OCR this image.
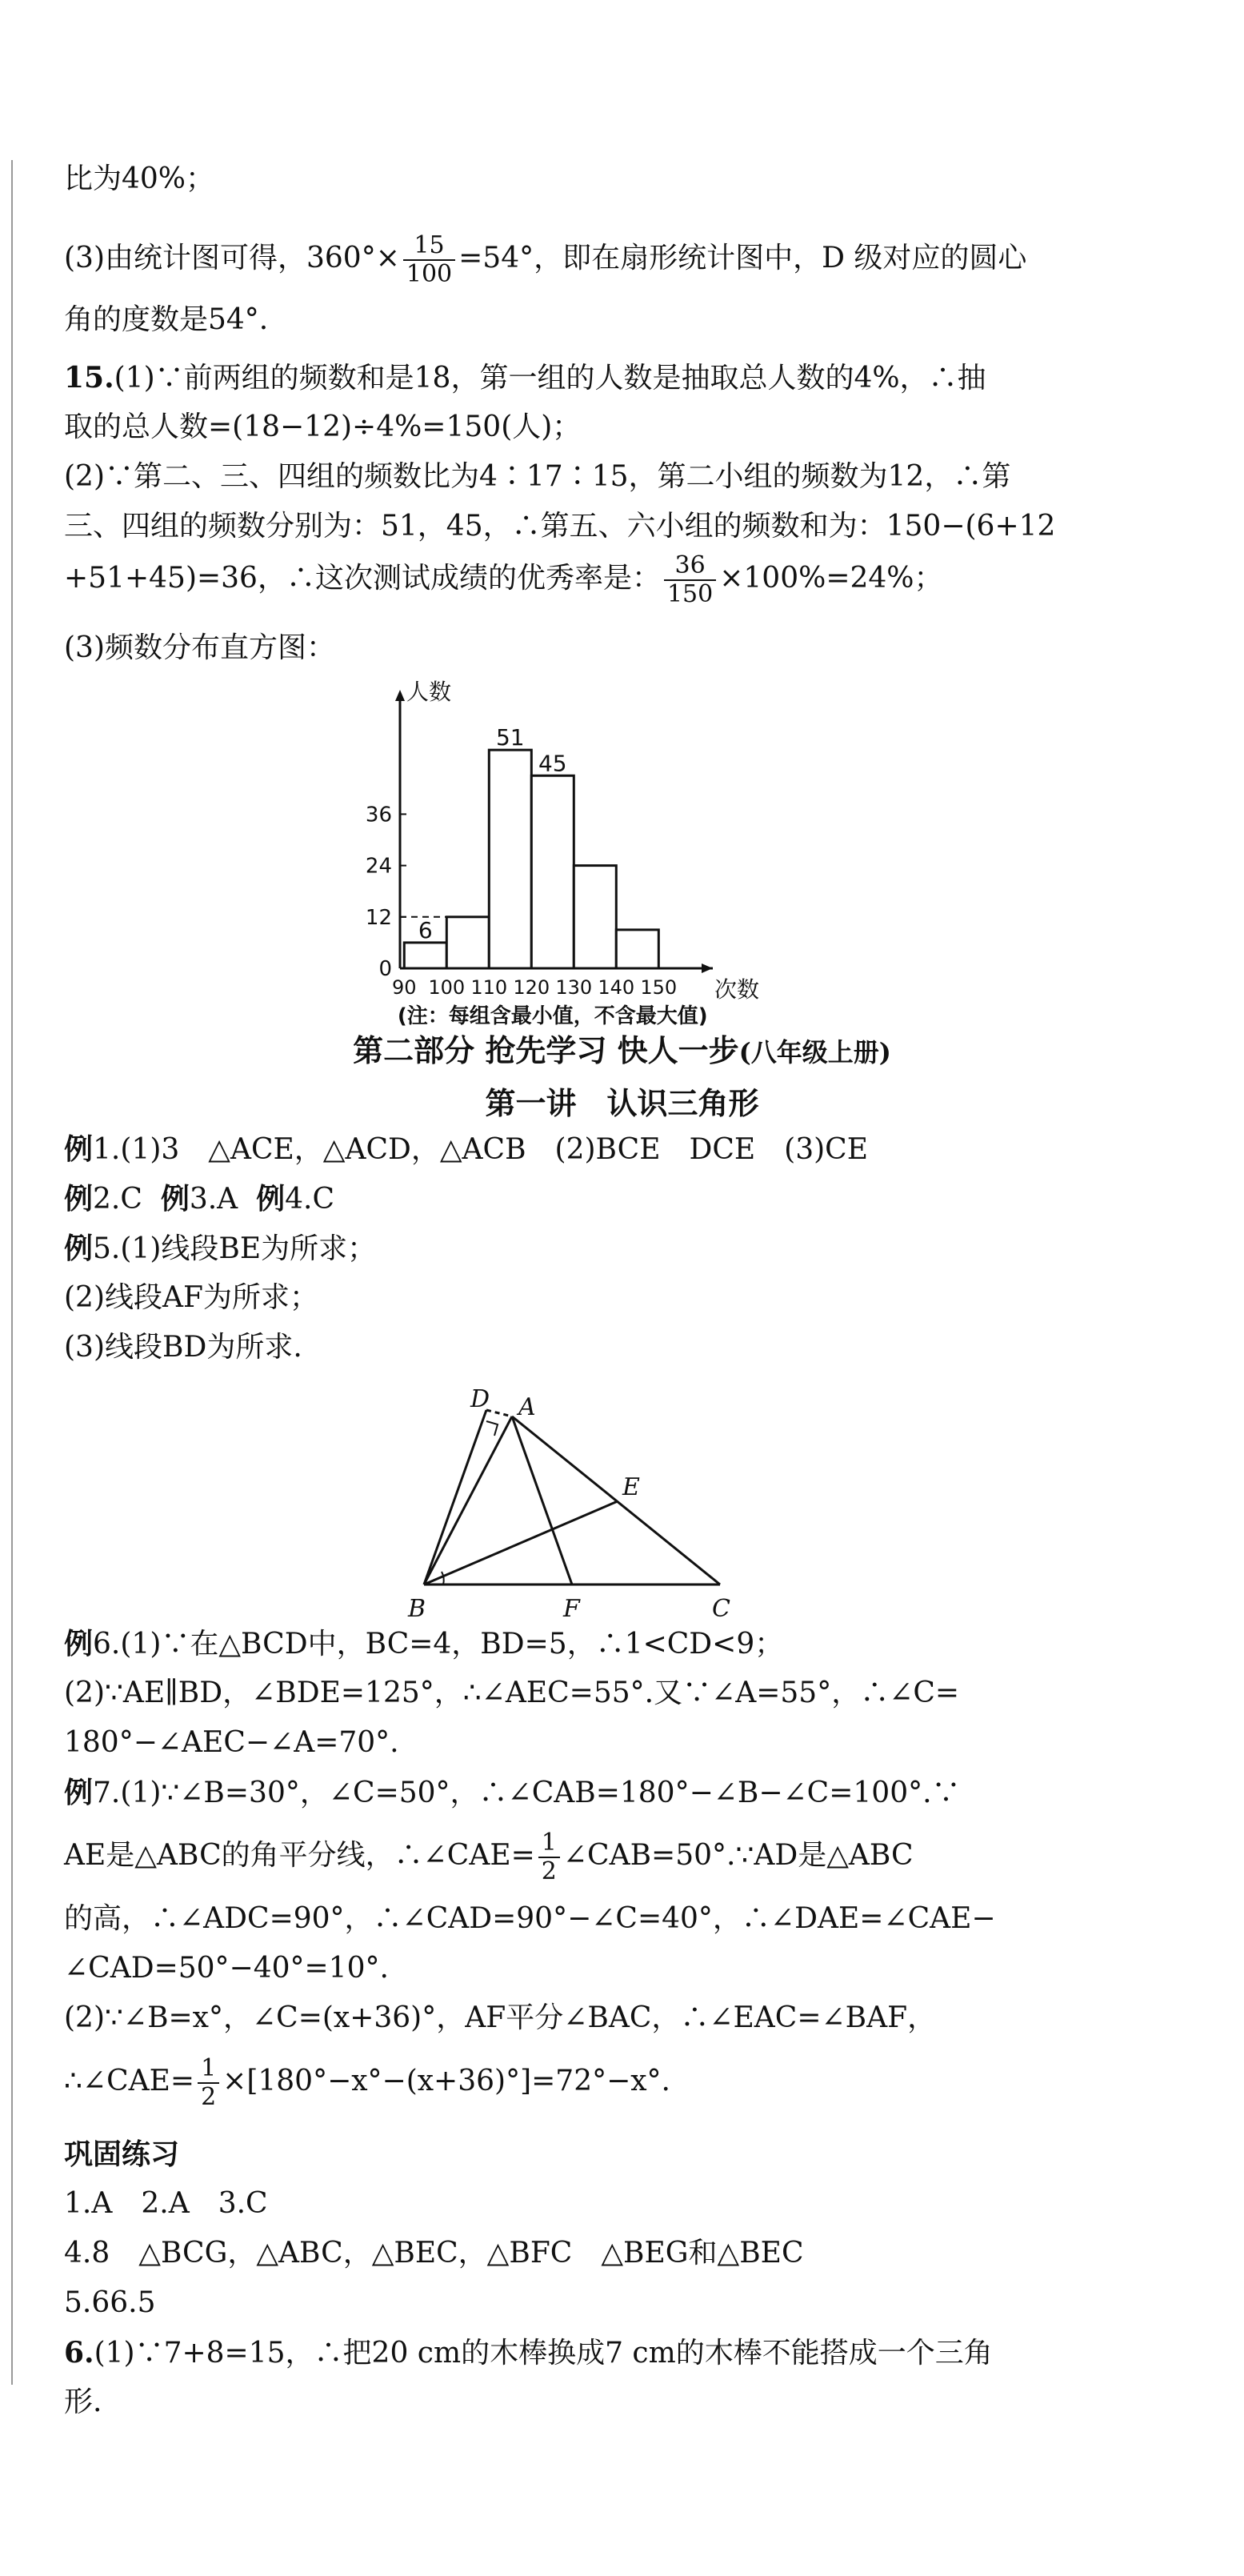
比为40%；
(3)由统计图可得，$360^\circ\times \frac{15}{100} =54^\circ$，即在扇形统计图中，D 级对应的圆心
角的度数是54°.
15.(1)∵前两组的频数和是18，第一组的人数是抽取总人数的4%，∴抽
取的总人数=(18−12)÷4%=150(人)；
(2)∵第二、三、四组的频数比为4∶17∶15，第二小组的频数为12，∴第
三、四组的频数分别为：51，45，∴第五、六小组的频数和为：150−(6+12
+51+45)=36，∴这次测试成绩的优秀率是： $\frac{36}{150} \times 100\%=24\%$；
(3)频数分布直方图：
0
12
24
36
90 100 110 120 130 140 150
6
51
45
人数
次数
(注：每组含最小值，不含最大值)
第二部分 抢先学习 快人一步(八年级上册)
第一讲　认识三角形
例1.(1)3　△ACE，△ACD，△ACB　(2)BCE　DCE　(3)CE
例2.C 例3.A 例4.C
例5.(1)线段BE为所求；
(2)线段AF为所求；
(3)线段BD为所求.
D A
E
B	F	C
例6.(1)∵在△BCD中，BC=4，BD=5，∴1<CD<9；
(2)∵AE∥BD，∠BDE=125°，∴∠AEC=55°.又∵∠A=55°，∴∠C=
180°−∠AEC−∠A=70°.
例7.(1)∵∠B=30°，∠C=50°，∴∠CAB=180°−∠B−∠C=100°.∵
AE是△ABC的角平分线，∴∠CAE= $\frac{1}{2}$ ∠CAB=50°.∵AD是△ABC
的高，∴∠ADC=90°，∴∠CAD=90°−∠C=40°，∴∠DAE=∠CAE−
∠CAD=50°−40°=10°.
(2)∵∠B=x°，∠C=(x+36)°，AF平分∠BAC，∴∠EAC=∠BAF，
∴∠CAE= $\frac{1}{2} \times[180^\circ-x^\circ-(x+36)^\circ]=72^\circ-x^\circ$.
巩固练习
1.A　2.A　3.C
4.8　△BCG，△ABC，△BEC，△BFC　△BEG和△BEC
5.66.5
6.(1)∵7+8=15，∴把20 cm的木棒换成7 cm的木棒不能搭成一个三角
形.
